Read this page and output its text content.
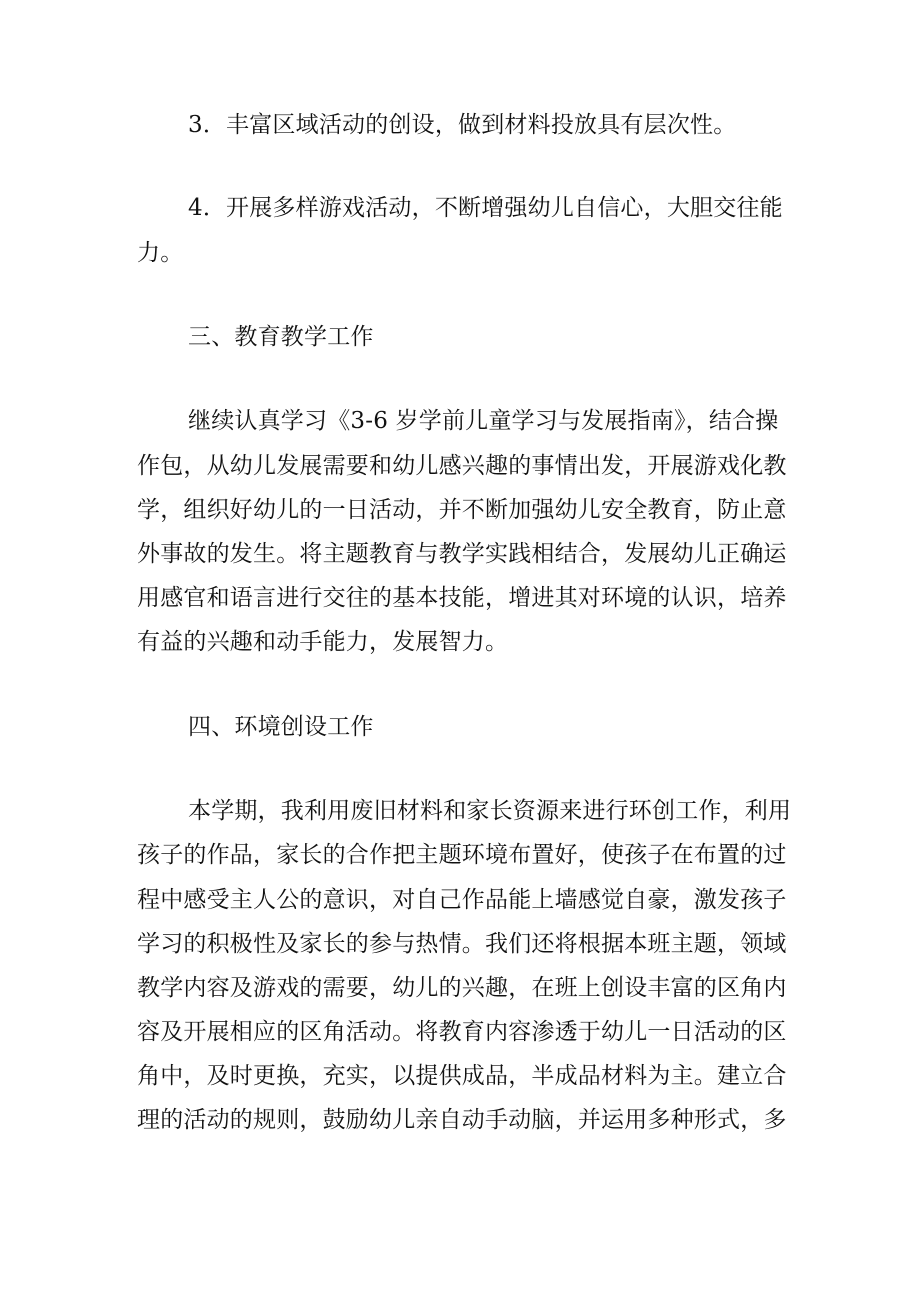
3．丰富区域活动的创设，做到材料投放具有层次性。
4．开展多样游戏活动，不断增强幼儿自信心，大胆交往能
力。
三、教育教学工作
继续认真学习《3-6 岁学前儿童学习与发展指南》，结合操
作包，从幼儿发展需要和幼儿感兴趣的事情出发，开展游戏化教
学，组织好幼儿的一日活动，并不断加强幼儿安全教育，防止意
外事故的发生。将主题教育与教学实践相结合，发展幼儿正确运
用感官和语言进行交往的基本技能，增进其对环境的认识，培养
有益的兴趣和动手能力，发展智力。
四、环境创设工作
本学期，我利用废旧材料和家长资源来进行环创工作，利用
孩子的作品，家长的合作把主题环境布置好，使孩子在布置的过
程中感受主人公的意识，对自己作品能上墙感觉自豪，激发孩子
学习的积极性及家长的参与热情。我们还将根据本班主题，领域
教学内容及游戏的需要，幼儿的兴趣，在班上创设丰富的区角内
容及开展相应的区角活动。将教育内容渗透于幼儿一日活动的区
角中，及时更换，充实，以提供成品，半成品材料为主。建立合
理的活动的规则，鼓励幼儿亲自动手动脑，并运用多种形式，多
